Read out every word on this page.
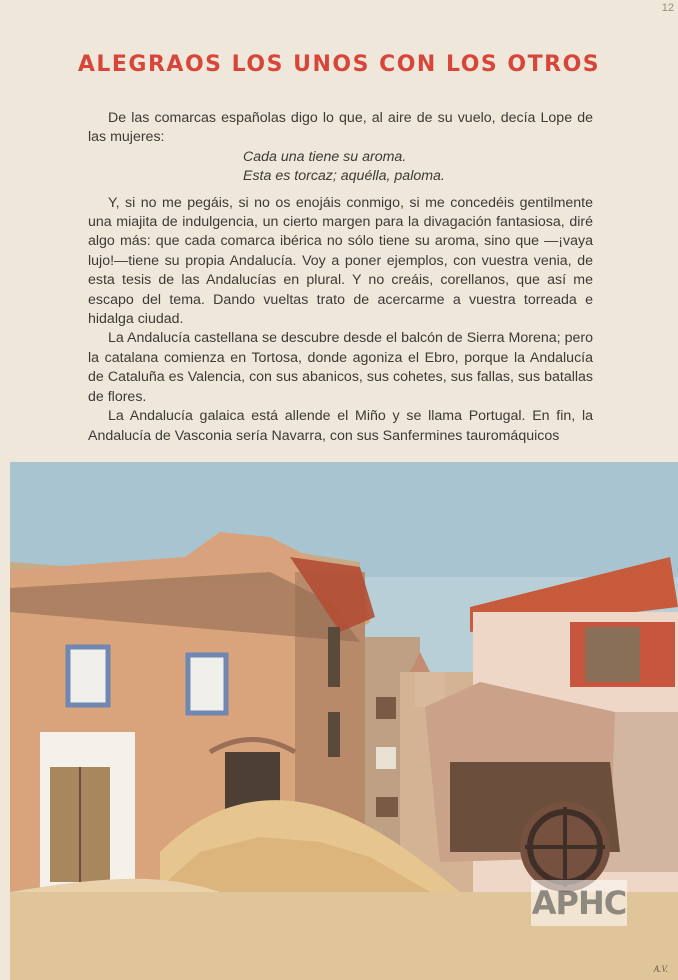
12
ALEGRAOS LOS UNOS CON LOS OTROS

De las comarcas españolas digo lo que, al aire de su vuelo, decía Lope de las mujeres:

Cada una tiene su aroma.
Esta es torcaz; aquélla, paloma.

Y, si no me pegáis, si no os enojáis conmigo, si me concedéis gentilmente una miajita de indulgencia, un cierto margen para la divagación fantasiosa, diré algo más: que cada comarca ibérica no sólo tiene su aroma, sino que —¡vaya lujo!—tiene su propia Andalucía. Voy a poner ejemplos, con vuestra venia, de esta tesis de las Andalucías en plural. Y no creáis, corellanos, que así me escapo del tema. Dando vueltas trato de acercarme a vuestra torreada e hidalga ciudad.

La Andalucía castellana se descubre desde el balcón de Sierra Morena; pero la catalana comienza en Tortosa, donde agoniza el Ebro, porque la Andalucía de Cataluña es Valencia, con sus abanicos, sus cohetes, sus fallas, sus batallas de flores.

La Andalucía galaica está allende el Miño y se llama Portugal. En fin, la Andalucía de Vasconia sería Navarra, con sus Sanfermines tauromáquicos

A.V.
APHC
